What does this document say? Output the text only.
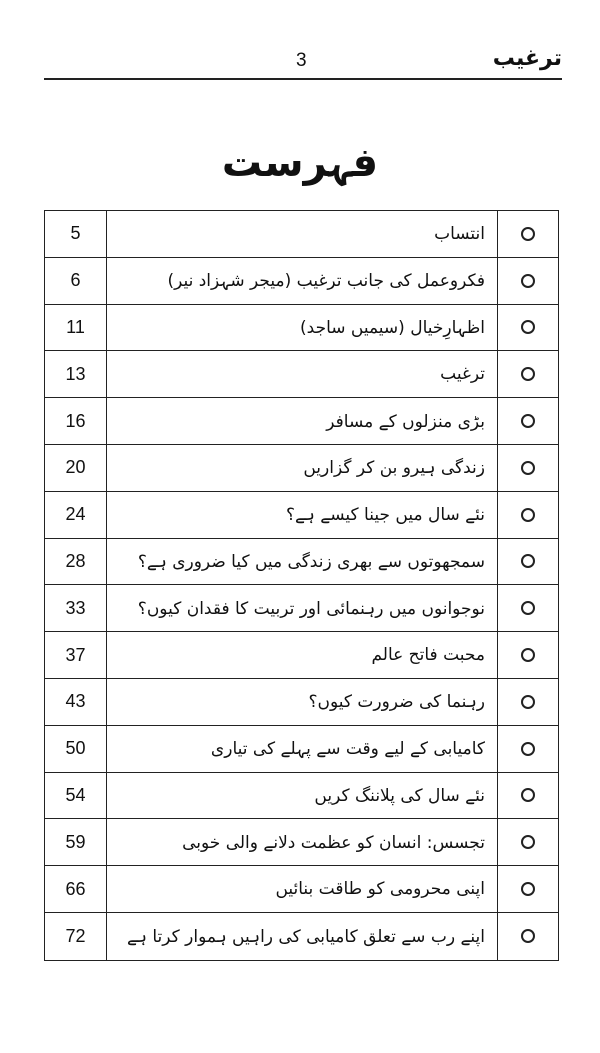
ترغیب
3
فہرست
5	انتساب
6	فکروعمل کی جانب ترغیب (میجر شہزاد نیر)
11	اظہارِخیال (سیمیں ساجد)
13	ترغیب
16	بڑی منزلوں کے مسافر
20	زندگی ہیرو بن کر گزاریں
24	نئے سال میں جینا کیسے ہے؟
28	سمجھوتوں سے بھری زندگی میں کیا ضروری ہے؟
33	نوجوانوں میں رہنمائی اور تربیت کا فقدان کیوں؟
37	محبت فاتح عالم
43	رہنما کی ضرورت کیوں؟
50	کامیابی کے لیے وقت سے پہلے کی تیاری
54	نئے سال کی پلاننگ کریں
59	تجسس: انسان کو عظمت دلانے والی خوبی
66	اپنی محرومی کو طاقت بنائیں
72	اپنے رب سے تعلق کامیابی کی راہیں ہموار کرتا ہے
